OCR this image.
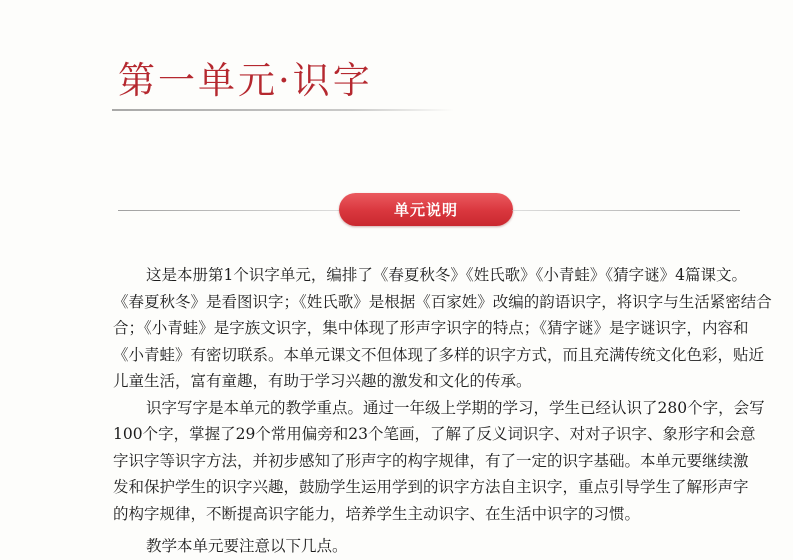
第一单元·识字
单元说明
这是本册第1个识字单元，编排了《春夏秋冬》《姓氏歌》《小青蛙》《猜字谜》4篇课文。
《春夏秋冬》是看图识字；《姓氏歌》是根据《百家姓》改编的韵语识字，将识字与生活紧密结合
合；《小青蛙》是字族文识字，集中体现了形声字识字的特点；《猜字谜》是字谜识字，内容和
《小青蛙》有密切联系。本单元课文不但体现了多样的识字方式，而且充满传统文化色彩，贴近
儿童生活，富有童趣，有助于学习兴趣的激发和文化的传承。
识字写字是本单元的教学重点。通过一年级上学期的学习，学生已经认识了280个字，会写
100个字，掌握了29个常用偏旁和23个笔画，了解了反义词识字、对对子识字、象形字和会意
字识字等识字方法，并初步感知了形声字的构字规律，有了一定的识字基础。本单元要继续激
发和保护学生的识字兴趣，鼓励学生运用学到的识字方法自主识字，重点引导学生了解形声字
的构字规律，不断提高识字能力，培养学生主动识字、在生活中识字的习惯。
教学本单元要注意以下几点。
